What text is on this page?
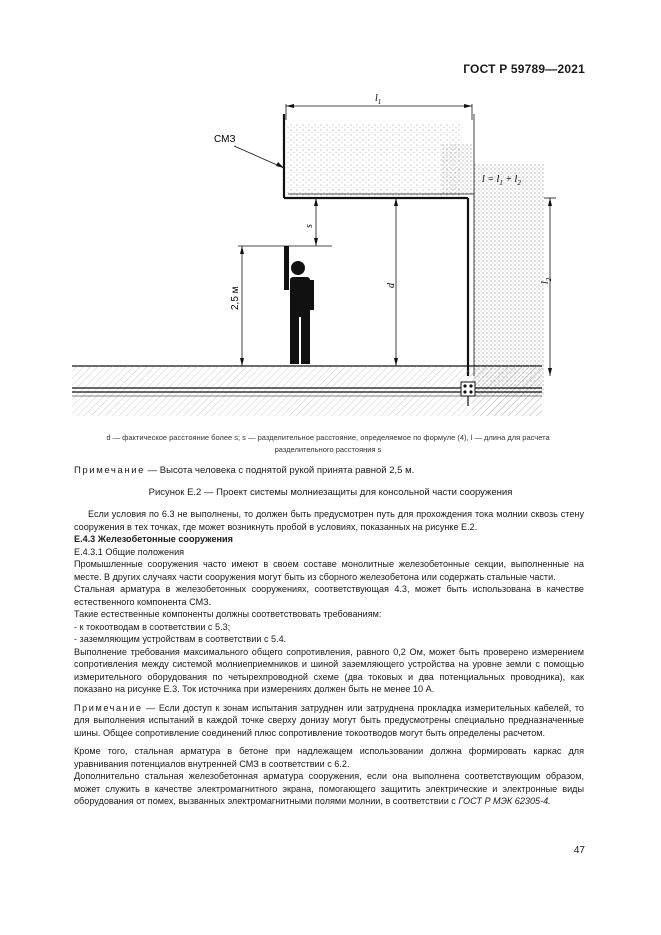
ГОСТ Р 59789—2021
$l_1$
$l = l_1 + l_2$
СМЗ
s
2,5 м
d
$l_2$
d — фактическое расстояние более s; s — разделительное расстояние, определяемое по формуле (4), l — длина для расчета
разделительного расстояния s
Примечание — Высота человека с поднятой рукой принята равной 2,5 м.
Рисунок Е.2 — Проект системы молниезащиты для консольной части сооружения

Если условия по 6.3 не выполнены, то должен быть предусмотрен путь для прохождения тока молнии сквозь стену сооружения в тех точках, где может возникнуть пробой в условиях, показанных на рисунке Е.2.

Е.4.3 Железобетонные сооружения

Е.4.3.1 Общие положения

Промышленные сооружения часто имеют в своем составе монолитные железобетонные секции, выполненные на месте. В других случаях части сооружения могут быть из сборного железобетона или содержать стальные части.

Стальная арматура в железобетонных сооружениях, соответствующая 4.3, может быть использована в качестве естественного компонента СМЗ.

Такие естественные компоненты должны соответствовать требованиям:

- к токоотводам в соответствии с 5.3;

- заземляющим устройствам в соответствии с 5.4.

Выполнение требования максимального общего сопротивления, равного 0,2 Ом, может быть проверено измерением сопротивления между системой молниеприемников и шиной заземляющего устройства на уровне земли с помощью измерительного оборудования по четырехпроводной схеме (два токовых и два потенциальных проводника), как показано на рисунке Е.3. Ток источника при измерениях должен быть не менее 10 А.

Примечание — Если доступ к зонам испытания затруднен или затруднена прокладка измерительных кабелей, то для выполнения испытаний в каждой точке сверху донизу могут быть предусмотрены специально предназначенные шины. Общее сопротивление соединений плюс сопротивление токоотводов могут быть определены расчетом.

Кроме того, стальная арматура в бетоне при надлежащем использовании должна формировать каркас для уравнивания потенциалов внутренней СМЗ в соответствии с 6.2.

Дополнительно стальная железобетонная арматура сооружения, если она выполнена соответствующим образом, может служить в качестве электромагнитного экрана, помогающего защитить электрические и электронные виды оборудования от помех, вызванных электромагнитными полями молнии, в соответствии с ГОСТ Р МЭК 62305-4.

47
